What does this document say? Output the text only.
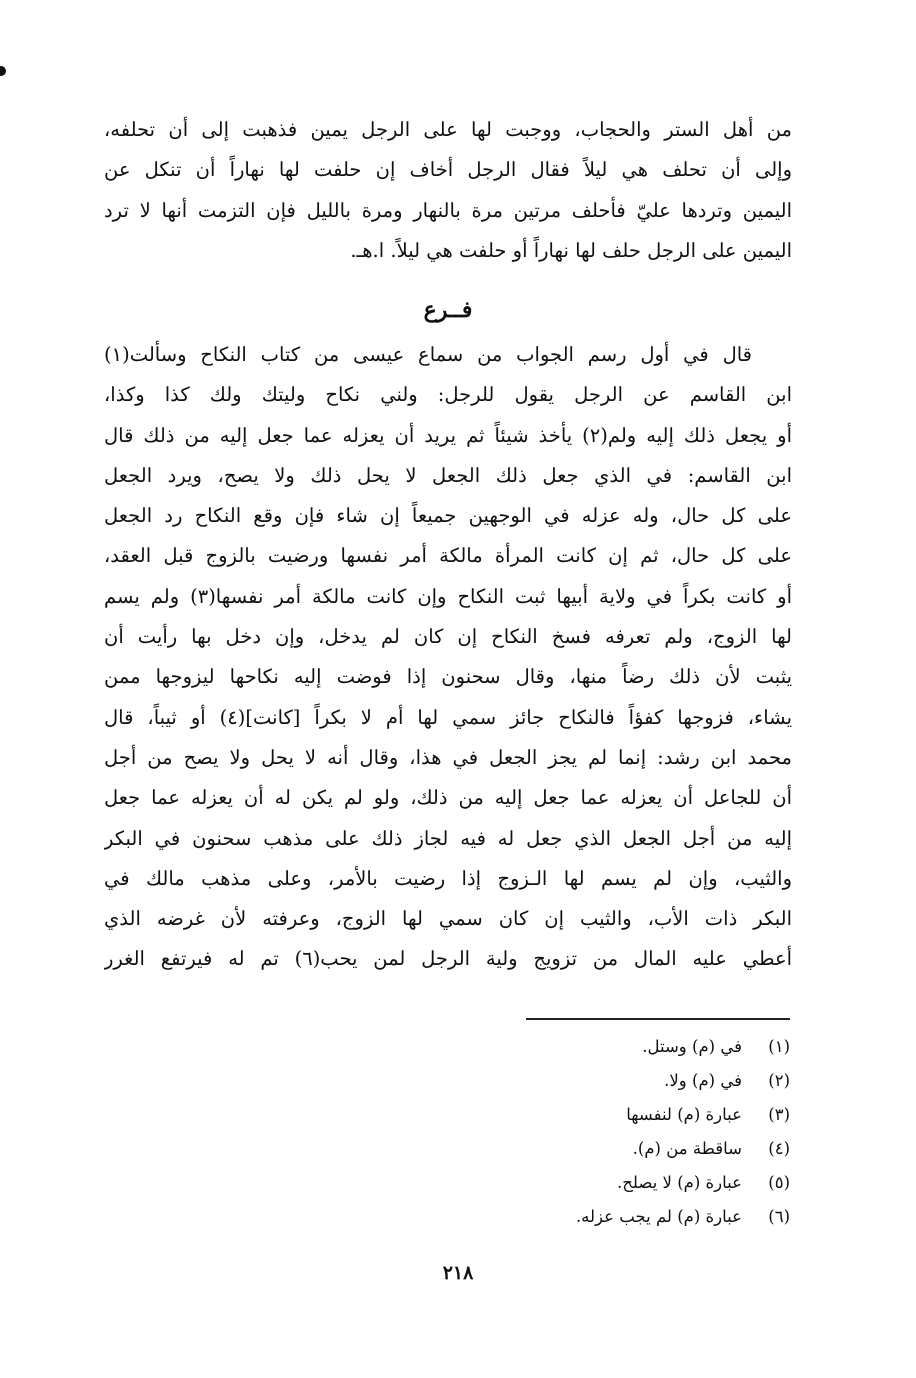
من أهل الستر والحجاب، ووجبت لها على الرجل يمين فذهبت إلى أن تحلفه،
وإلى أن تحلف هي ليلاً فقال الرجل أخاف إن حلفت لها نهاراً أن تنكل عن
اليمين وتردها عليّ فأحلف مرتين مرة بالنهار ومرة بالليل فإن التزمت أنها لا ترد
اليمين على الرجل حلف لها نهاراً أو حلفت هي ليلاً. ا.هـ.
فــرع
قال في أول رسم الجواب من سماع عيسى من كتاب النكاح وسألت(١)
ابن القاسم عن الرجل يقول للرجل: ولني نكاح وليتك ولك كذا وكذا،
أو يجعل ذلك إليه ولم(٢) يأخذ شيئاً ثم يريد أن يعزله عما جعل إليه من ذلك قال
ابن القاسم: في الذي جعل ذلك الجعل لا يحل ذلك ولا يصح، ويرد الجعل
على كل حال، وله عزله في الوجهين جميعاً إن شاء فإن وقع النكاح رد الجعل
على كل حال، ثم إن كانت المرأة مالكة أمر نفسها ورضيت بالزوج قبل العقد،
أو كانت بكراً في ولاية أبيها ثبت النكاح وإن كانت مالكة أمر نفسها(٣) ولم يسم
لها الزوج، ولم تعرفه فسخ النكاح إن كان لم يدخل، وإن دخل بها رأيت أن
يثبت لأن ذلك رضاً منها، وقال سحنون إذا فوضت إليه نكاحها ليزوجها ممن
يشاء، فزوجها كفؤاً فالنكاح جائز سمي لها أم لا بكراً [كانت](٤) أو ثيباً، قال
محمد ابن رشد: إنما لم يجز الجعل في هذا، وقال أنه لا يحل ولا يصح من أجل
أن للجاعل أن يعزله عما جعل إليه من ذلك، ولو لم يكن له أن يعزله عما جعل
إليه من أجل الجعل الذي جعل له فيه لجاز ذلك على مذهب سحنون في البكر
والثيب، وإن لم يسم لها الـزوج إذا رضيت بالأمر، وعلى مذهب مالك في
البكر ذات الأب، والثيب إن كان سمي لها الزوج، وعرفته لأن غرضه الذي
أعطي عليه المال من تزويج ولية الرجل لمن يحب(٦) تم له فيرتفع الغرر
(١)
في (م) وستل.
(٢)
في (م) ولا.
(٣)
عبارة (م) لنفسها
(٤)
ساقطة من (م).
(٥)
عبارة (م) لا يصلح.
(٦)
عبارة (م) لم يجب عزله.
٢١٨
